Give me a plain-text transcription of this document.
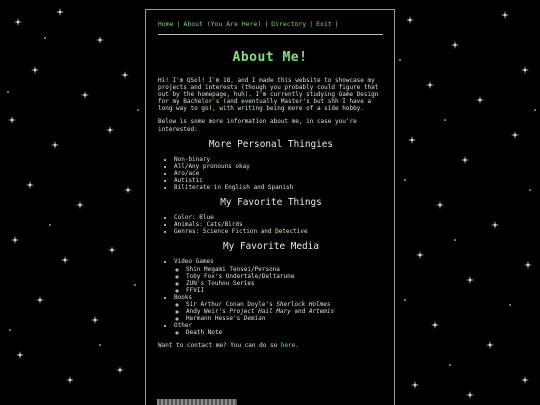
Home | About (You Are Here) | Directory | Exit |
About Me!

Hi! I'm QSol! I'm 18, and I made this website to showcase my projects and interests (though you probably could figure that out by the homepage, huh). I'm currently studying Game Design for my Bachelor's (and eventually Master's but shh I have a long way to go), with writing being more of a side hobby.

Below is some more information about me, in case you're interested:

More Personal Thingies
• Non-binary
• All/Any pronouns okay
• Aro/ace
• Autistic
• Biliterate in English and Spanish
My Favorite Things
• Color: Blue
• Animals: Cats/Birds
• Genres: Science Fiction and Detective
My Favorite Media
• Video Games
◦ Shin Megami Tensei/Persona
◦ Toby Fox's Undertale/Deltarune
◦ ZUN's Touhou Series
◦ FFVII
• Books
◦ Sir Arthur Conan Doyle's Sherlock Holmes
◦ Andy Weir's Project Hail Mary and Artemis
◦ Hermann Hesse's Demian
• Other
◦ Death Note

Want to contact me? You can do so here.
